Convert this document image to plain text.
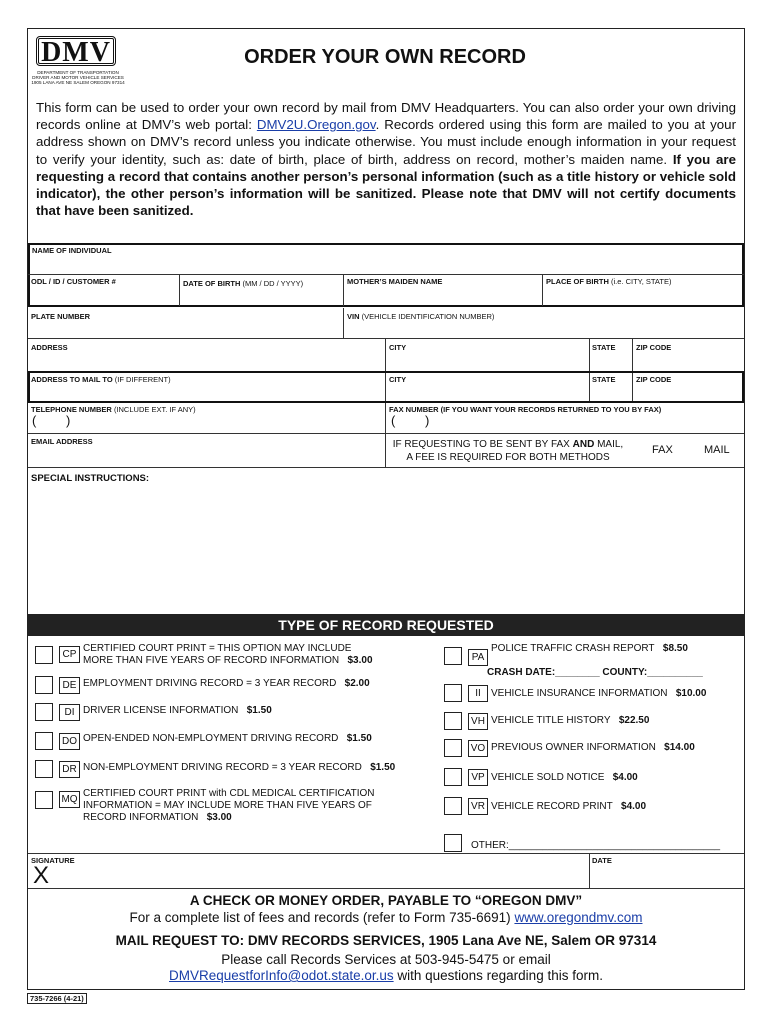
DMV
DEPARTMENT OF TRANSPORTATION DRIVER AND MOTOR VEHICLE SERVICES 1905 LANA AVE NE SALEM OREGON 97314
ORDER YOUR OWN RECORD
This form can be used to order your own record by mail from DMV Headquarters. You can also order your own driving records online at DMV’s web portal: DMV2U.Oregon.gov. Records ordered using this form are mailed to you at your address shown on DMV’s record unless you indicate otherwise. You must include enough information in your request to verify your identity, such as: date of birth, place of birth, address on record, mother’s maiden name. If you are requesting a record that contains another person’s personal information (such as a title history or vehicle sold indicator), the other person’s information will be sanitized. Please note that DMV will not certify documents that have been sanitized.
NAME OF INDIVIDUAL
ODL / ID / CUSTOMER #	DATE OF BIRTH (MM / DD / YYYY)	MOTHER’S MAIDEN NAME	PLACE OF BIRTH (i.e. CITY, STATE)
PLATE NUMBER	VIN (VEHICLE IDENTIFICATION NUMBER)
ADDRESS	CITY	STATE	ZIP CODE
ADDRESS TO MAIL TO (IF DIFFERENT)	CITY	STATE	ZIP CODE
TELEPHONE NUMBER (INCLUDE EXT. IF ANY)	FAX NUMBER (IF YOU WANT YOUR RECORDS RETURNED TO YOU BY FAX)
( )	( )
EMAIL ADDRESS	IF REQUESTING TO BE SENT BY FAX AND MAIL,
A FEE IS REQUIRED FOR BOTH METHODS
FAX	MAIL
SPECIAL INSTRUCTIONS:
TYPE OF RECORD REQUESTED
CP
CERTIFIED COURT PRINT = THIS OPTION MAY INCLUDE
MORE THAN FIVE YEARS OF RECORD INFORMATION $3.00
DE EMPLOYMENT DRIVING RECORD = 3 YEAR RECORD $2.00
DI DRIVER LICENSE INFORMATION $1.50
DO OPEN-ENDED NON-EMPLOYMENT DRIVING RECORD $1.50
DR NON-EMPLOYMENT DRIVING RECORD = 3 YEAR RECORD $1.50
MQ
CERTIFIED COURT PRINT with CDL MEDICAL CERTIFICATION
INFORMATION = MAY INCLUDE MORE THAN FIVE YEARS OF
RECORD INFORMATION $3.00
PA
POLICE TRAFFIC CRASH REPORT $8.50
CRASH DATE:________ COUNTY:__________
II	VEHICLE INSURANCE INFORMATION $10.00
VH VEHICLE TITLE HISTORY $22.50
VO PREVIOUS OWNER INFORMATION $14.00
VP VEHICLE SOLD NOTICE $4.00
VR VEHICLE RECORD PRINT $4.00
OTHER:______________________________________
SIGNATURE
X
DATE
A CHECK OR MONEY ORDER, PAYABLE TO “OREGON DMV”
For a complete list of fees and records (refer to Form 735-6691) www.oregondmv.com
MAIL REQUEST TO: DMV RECORDS SERVICES, 1905 Lana Ave NE, Salem OR 97314
Please call Records Services at 503-945-5475 or email
DMVRequestforInfo@odot.state.or.us with questions regarding this form.
735-7266 (4-21)
